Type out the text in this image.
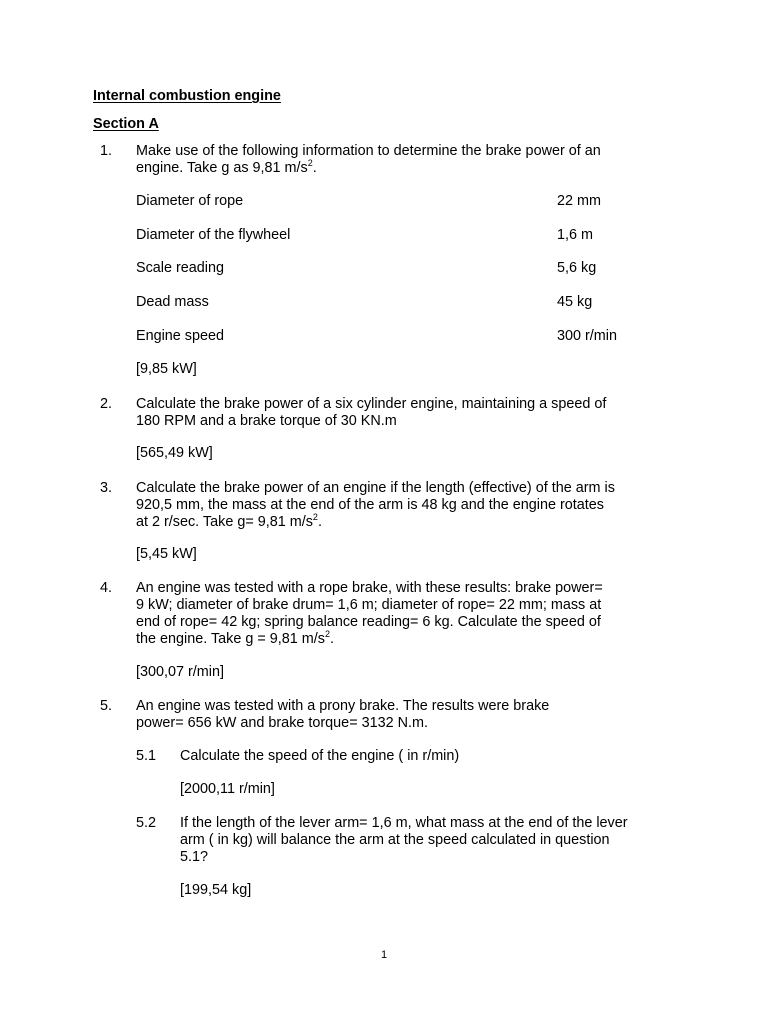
Internal combustion engine
Section A
1. Make use of the following information to determine the brake power of an engine. Take g as 9,81 $m/s^2$.
Diameter of rope	22 mm
Diameter of the flywheel	1,6 m
Scale reading	5,6 kg
Dead mass	45 kg
Engine speed	300 r/min
[9,85 kW]
2. Calculate the brake power of a six cylinder engine, maintaining a speed of 180 RPM and a brake torque of 30 KN.m
[565,49 kW]
3. Calculate the brake power of an engine if the length (effective) of the arm is 920,5 mm, the mass at the end of the arm is 48 kg and the engine rotates at 2 r/sec. Take g= 9,81 $m/s^2$.
[5,45 kW]
4. An engine was tested with a rope brake, with these results: brake power= 9 kW; diameter of brake drum= 1,6 m; diameter of rope= 22 mm; mass at end of rope= 42 kg; spring balance reading= 6 kg. Calculate the speed of the engine. Take g = 9,81 $m/s^2$.
[300,07 r/min]
5. An engine was tested with a prony brake. The results were brake power= 656 kW and brake torque= 3132 N.m.
5.1 Calculate the speed of the engine ( in r/min)
[2000,11 r/min]
5.2 If the length of the lever arm= 1,6 m, what mass at the end of the lever arm ( in kg) will balance the arm at the speed calculated in question 5.1?
[199,54 kg]
1
